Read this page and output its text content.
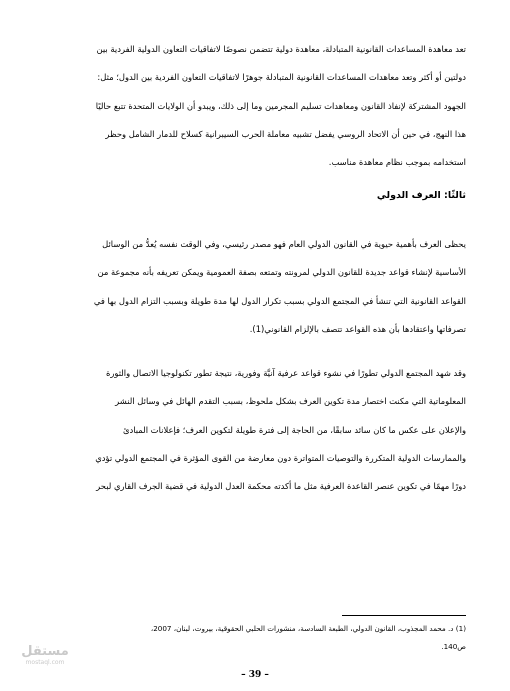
تعد معاهدة المساعدات القانونية المتبادلة، معاهدة دولية تتضمن نصوصًا لاتفاقيات التعاون الدولية الفردية بين
دولتين أو أكثر وتعد معاهدات المساعدات القانونية المتبادلة جوهرًا لاتفاقيات التعاون الفردية بين الدول؛ مثل:
الجهود المشتركة لإنفاذ القانون ومعاهدات تسليم المجرمين وما إلى ذلك، ويبدو أن الولايات المتحدة تتبع حاليًا
هذا النهج، في حين أن الاتحاد الروسي يفضل تشبيه معاملة الحرب السيبرانية كسلاح للدمار الشامل وحظر
استخدامه بموجب نظام معاهدة مناسب.

ثالثًا: العرف الدولي

يحظى العرف بأهمية حيوية في القانون الدولي العام فهو مصدر رئيسي، وفي الوقت نفسه يُعدُّ من الوسائل
الأساسية لإنشاء قواعد جديدة للقانون الدولي لمرونته وتمتعه بصفة العمومية ويمكن تعريفه بأنه مجموعة من
القواعد القانونية التي تنشأ في المجتمع الدولي بسبب تكرار الدول لها مدة طويلة وبسبب التزام الدول بها في
تصرفاتها واعتقادها بأن هذه القواعد تتصف بالإلزام القانوني(1).

وقد شهد المجتمع الدولي تطورًا في نشوء قواعد عرفية آنيَّة وفورية، نتيجة تطور تكنولوجيا الاتصال والثورة
المعلوماتية التي مكنت اختصار مدة تكوين العرف بشكل ملحوظ، بسبب التقدم الهائل في وسائل النشر
والإعلان على عكس ما كان سائد سابقًا، من الحاجة إلى فترة طويلة لتكوين العرف؛ فإعلانات المبادئ
والممارسات الدولية المتكررة والتوصيات المتواترة دون معارضة من القوى المؤثرة في المجتمع الدولي تؤدي
دورًا مهمًا في تكوين عنصر القاعدة العرفية مثل ما أكدته محكمة العدل الدولية في قضية الجرف القاري لبحر

(1) د. محمد المجذوب، القانون الدولي، الطبعة السادسة، منشورات الحلبي الحقوقية، بيروت، لبنان، 2007،
ص140.

مستقل
mostaql.com
– 39 –
